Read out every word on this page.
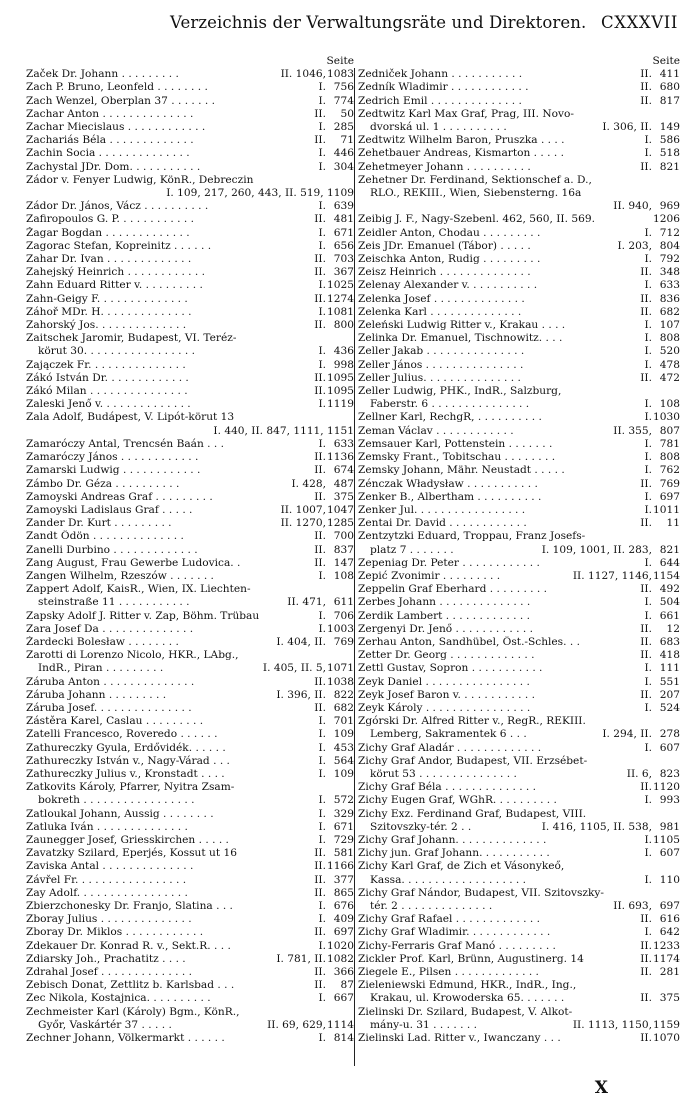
Verzeichnis der Verwaltungsräte und Direktoren. CXXXVII
Seite
Začek Dr. Johann . . . . . . . . .	II. 1046, 1083
Zach P. Bruno, Leonfeld . . . . . . . .	I. 756
Zach Wenzel, Oberplan 37 . . . . . . .	I. 774
Zachar Anton . . . . . . . . . . . . . .	II.	50
Zachar Miecislaus . . . . . . . . . . . .	I. 285
Zachariás Béla . . . . . . . . . . . . .	II.	71
Zachin Socia . . . . . . . . . . . . . .	I. 446
Zachystal JDr. Dom. . . . . . . . . . .	I. 304
Zádor v. Fenyer Ludwig, KönR., Debreczin
I. 109, 217, 260, 443, II. 519, 1109
Zádor Dr. János, Vácz . . . . . . . . . .	I. 639
Zafiropoulos G. P. . . . . . . . . . . .	II. 481
Žagar Bogdan . . . . . . . . . . . . .	I. 671
Zagorac Stefan, Kopreinitz . . . . . .	I. 656
Zahar Dr. Ivan . . . . . . . . . . . . .	II. 703
Zahejský Heinrich . . . . . . . . . . . .	II. 367
Zahn Eduard Ritter v. . . . . . . . . .	I. 1025
Zahn-Geigy F. . . . . . . . . . . . . .	II. 1274
Záhoř MDr. H. . . . . . . . . . . . . .	I. 1081
Zahorský Jos. . . . . . . . . . . . . .	II. 800
Zaitschek Jaromir, Budapest, VI. Teréz-
körut 30. . . . . . . . . . . . . . . . .	I. 436
Zajączek Fr. . . . . . . . . . . . . . .	I. 998
Zákó István Dr. . . . . . . . . . . . .	II. 1095
Zákó Milan . . . . . . . . . . . . . . .	II. 1095
Zaleski Jenő v. . . . . . . . . . . . . .	I. 1119
Zala Adolf, Budápest, V. Lipót-körut 13
I. 440, II. 847, 1111, 1151
Zamaróczy Antal, Trencsén Baán . . .	I. 633
Zamaróczy János . . . . . . . . . . . .	II. 1136
Zamarski Ludwig . . . . . . . . . . . .	II. 674
Zámbo Dr. Géza . . . . . . . . . .	I. 428, 487
Zamoyski Andreas Graf . . . . . . . . .	II. 375
Zamoyski Ladislaus Graf . . . . .	II. 1007, 1047
Zander Dr. Kurt . . . . . . . . .	II. 1270, 1285
Zandt Ödön . . . . . . . . . . . . . .	II. 700
Zanelli Durbino . . . . . . . . . . . . .	II. 837
Zang August, Frau Gewerbe Ludovica. .	II. 147
Zangen Wilhelm, Rzeszów . . . . . . .	I. 108
Zappert Adolf, KaisR., Wien, IX. Liechten-
steinstraße 11 . . . . . . . . . . .	II. 471, 611
Zapsky Adolf J. Ritter v. Zap, Böhm. Trübau	I. 706
Zara Josef Da . . . . . . . . . . . . . .	I. 1003
Żardecki Bolesław . . . . . . . .	I. 404, II. 769
Zarotti di Lorenzo Nicolo, HKR., LAbg.,
IndR., Piran . . . . . . . . .	I. 405, II. 5, 1071
Záruba Anton . . . . . . . . . . . . . .	II. 1038
Záruba Johann . . . . . . . . .	I. 396, II. 822
Záruba Josef. . . . . . . . . . . . . . .	II. 682
Zástěra Karel, Caslau . . . . . . . . .	I. 701
Zatelli Francesco, Roveredo . . . . . .	I. 109
Zathureczky Gyula, Erdővidék. . . . . .	I. 453
Zathureczky István v., Nagy-Várad . . .	I. 564
Zathureczky Julius v., Kronstadt . . . .	I. 109
Zatkovits Károly, Pfarrer, Nyitra Zsam-
bokreth . . . . . . . . . . . . . . . . .	I. 572
Zatloukal Johann, Aussig . . . . . . . .	I. 329
Zatluka Iván . . . . . . . . . . . . . .	I. 671
Zaunegger Josef, Griesskirchen . . . . .	I. 729
Zavatzky Szilard, Eperjés, Kossut ut 16	II. 581
Zaviska Antal . . . . . . . . . . . . . .	II. 1166
Závřel Fr. . . . . . . . . . . . . . . . .	II. 377
Zay Adolf. . . . . . . . . . . . . . . . .	II. 865
Zbierzchonesky Dr. Franjo, Slatina . . .	I. 676
Zboray Julius . . . . . . . . . . . . . .	I. 409
Zboray Dr. Miklos . . . . . . . . . . . .	II. 697
Zdekauer Dr. Konrad R. v., Sekt.R. . . .	I. 1020
Zdiarsky Joh., Prachatitz . . . .	I. 781, II. 1082
Zdrahal Josef . . . . . . . . . . . . . .	II. 366
Zebisch Donat, Zettlitz b. Karlsbad . . .	II.	87
Zec Nikola, Kostajnica. . . . . . . . . .	I. 667
Zechmeister Karl (Károly) Bgm., KönR.,
Győr, Vaskártér 37 . . . . .	II. 69, 629, 1114
Zechner Johann, Völkermarkt . . . . . .	I. 814
Seite
Zedniček Johann . . . . . . . . . . .	II. 411
Zedník Wladimir . . . . . . . . . . . .	II. 680
Zedrich Emil . . . . . . . . . . . . . .	II. 817
Zedtwitz Karl Max Graf, Prag, III. Novo-
dvorská ul. 1 . . . . . . . . . .	I. 306, II. 149
Zedtwitz Wilhelm Baron, Pruszka . . . .	I. 586
Zehetbauer Andreas, Kismarton . . . . .	I. 518
Zehetmeyer Johann . . . . . . . . . .	II. 821
Zehetner Dr. Ferdinand, Sektionschef a. D.,
RLO., REKIII., Wien, Siebensterng. 16a
II. 940, 969
Zeibig J. F., Nagy-Szebenl. 462, 560, II. 569.	1206
Zeidler Anton, Chodau . . . . . . . . .	I. 712
Zeis JDr. Emanuel (Tábor) . . . . .	I. 203, 804
Zeischka Anton, Rudig . . . . . . . . .	I. 792
Zeisz Heinrich . . . . . . . . . . . . . .	II. 348
Zelenay Alexander v. . . . . . . . . . .	I. 633
Zelenka Josef . . . . . . . . . . . . . .	II. 836
Zelenka Karl . . . . . . . . . . . . . .	II. 682
Zeleński Ludwig Ritter v., Krakau . . . .	I. 107
Zelinka Dr. Emanuel, Tischnowitz. . . .	I. 808
Zeller Jakab . . . . . . . . . . . . . . .	I. 520
Zeller János . . . . . . . . . . . . . . .	I. 478
Zeller Julius. . . . . . . . . . . . . . .	II. 472
Zeller Ludwig, PHK., IndR., Salzburg,
Faberstr. 6 . . . . . . . . . . . . . . .	I. 108
Zellner Karl, RechgR, . . . . . . . . . .	I. 1030
Zeman Václav . . . . . . . . . . . .	II. 355, 807
Zemsauer Karl, Pottenstein . . . . . . .	I. 781
Zemsky Frant., Tobitschau . . . . . . . .	I. 808
Zemsky Johann, Mähr. Neustadt . . . . .	I. 762
Zénczak Władysław . . . . . . . . . . .	II. 769
Zenker B., Albertham . . . . . . . . . .	I. 697
Zenker Jul. . . . . . . . . . . . . . . . .	I. 1011
Zentai Dr. David . . . . . . . . . . . .	II.	11
Zentzytzki Eduard, Troppau, Franz Josefs-
platz 7 . . . . . . .	I. 109, 1001, II. 283, 821
Zepeniag Dr. Peter . . . . . . . . . . . .	I. 644
Zepić Zvonimir . . . . . . . . .	II. 1127, 1146, 1154
Zeppelin Graf Eberhard . . . . . . . . .	II. 492
Zerbes Johann . . . . . . . . . . . . . .	I. 504
Zerdik Lambert . . . . . . . . . . . . .	I. 661
Zergenyi Dr. Jenő . . . . . . . . . . . .	II.	12
Zerhau Anton, Sandhübel, Öst.-Schles. . .	II. 683
Zetter Dr. Georg . . . . . . . . . . . . .	II. 418
Zettl Gustav, Sopron . . . . . . . . . . .	I. 111
Zeyk Daniel . . . . . . . . . . . . . . . .	I. 551
Zeyk Josef Baron v. . . . . . . . . . . .	II. 207
Zeyk Károly . . . . . . . . . . . . . . . .	I. 524
Zgórski Dr. Alfred Ritter v., RegR., REKIII.
Lemberg, Sakramentek 6 . . .	I. 294, II. 278
Zichy Graf Aladár . . . . . . . . . . . . .	I. 607
Zichy Graf Andor, Budapest, VII. Erzsébet-
körut 53 . . . . . . . . . . . . . . .	II. 6, 823
Zichy Graf Béla . . . . . . . . . . . . . .	II. 1120
Zichy Eugen Graf, WGhR. . . . . . . . . .	I. 993
Zichy Exz. Ferdinand Graf, Budapest, VIII.
Szitovszky-tér. 2 . .	I. 416, 1105, II. 538, 981
Zichy Graf Johann. . . . . . . . . . . . . .	I. 1105
Zichy jun. Graf Johann. . . . . . . . . . .	I. 607
Zichy Karl Graf, de Zich et Vásonykeő,
Kassa. . . . . . . . . . . . . . . . . . .	I. 110
Zichy Graf Nándor, Budapest, VII. Szitovszky-
tér. 2 . . . . . . . . . . . . . .	II. 693, 697
Zichy Graf Rafael . . . . . . . . . . . . .	II. 616
Zichy Graf Wladimir. . . . . . . . . . . . .	I. 642
Zichy-Ferraris Graf Manó . . . . . . . . .	II. 1233
Zickler Prof. Karl, Brünn, Augustinerg. 14	II. 1174
Ziegele E., Pilsen . . . . . . . . . . . . .	II. 281
Zieleniewski Edmund, HKR., IndR., Ing.,
Krakau, ul. Krowoderska 65. . . . . . .	II. 375
Zielinski Dr. Szilard, Budapest, V. Alkot-
mány-u. 31 . . . . . . .	II. 1113, 1150, 1159
Zielinski Lad. Ritter v., Iwanczany . . .	II. 1070
X
